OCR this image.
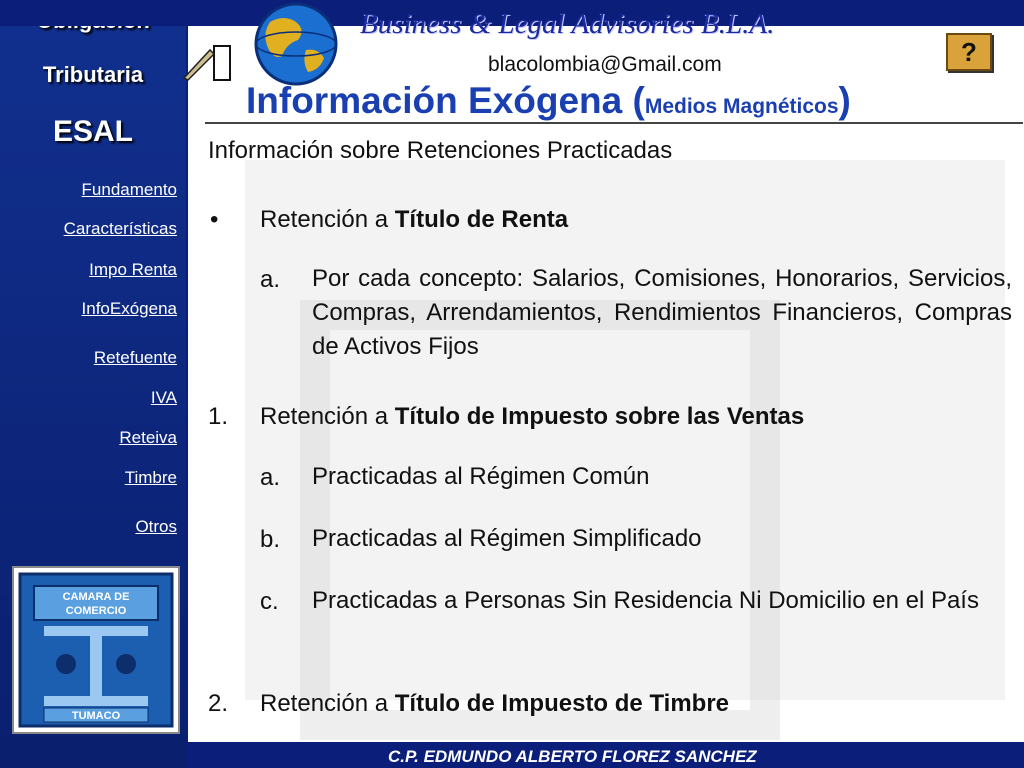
Tributaria
ESAL
Fundamento
Características
Impo Renta
InfoExógena
Retefuente
IVA
Reteiva
Timbre
Otros
CAMARA DE
COMERCIO
TUMACO
Business & Legal Advisories B.L.A.
blacolombia@Gmail.com
Información Exógena (Medios Magnéticos)
?
Información sobre Retenciones Practicadas
• Retención a Título de Renta
a. Por cada concepto: Salarios, Comisiones, Honorarios, Servicios, Compras, Arrendamientos, Rendimientos Financieros, Compras de Activos Fijos
1. Retención a Título de Impuesto sobre las Ventas
a. Practicadas al Régimen Común
b. Practicadas al Régimen Simplificado
c. Practicadas a Personas Sin Residencia Ni Domicilio en el País
2. Retención a Título de Impuesto de Timbre
C.P. EDMUNDO ALBERTO FLOREZ SANCHEZ
